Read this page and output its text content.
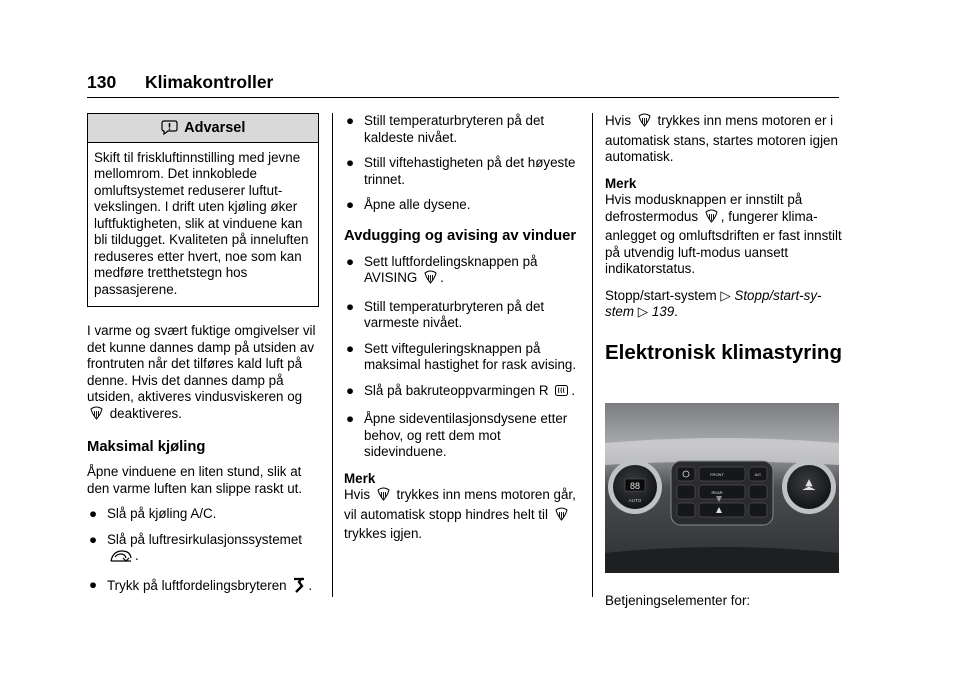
130 Klimakontroller
Advarsel
Skift til friskluftinnstilling med jevne mellomrom. Det innkoblede omluftsystemet reduserer luftutvekslingen. I drift uten kjøling øker luftfuktigheten, slik at vinduene kan bli tildugget. Kvaliteten på inneluften reduseres etter hvert, noe som kan medføre tretthetstegn hos passasjerene.

I varme og svært fuktige omgivelser vil det kunne dannes damp på utsiden av frontruten når det tilføres kald luft på denne. Hvis det dannes damp på utsiden, aktiveres vindusviskeren og  deaktiveres.

Maksimal kjøling

Åpne vinduene en liten stund, slik at den varme luften kan slippe raskt ut.

● Slå på kjøling A/C.
● Slå på luftresirkulasjonssystemet .
● Trykk på luftfordelingsbryteren .
● Still temperaturbryteren på det kaldeste nivået.
● Still viftehastigheten på det høyeste trinnet.
● Åpne alle dysene.
Avdugging og avising av vinduer
● Sett luftfordelingsknappen på AVISING .
● Still temperaturbryteren på det varmeste nivået.
● Sett vifteguleringsknappen på maksimal hastighet for rask avising.
● Slå på bakruteoppvarmingen R .
● Åpne sideventilasjonsdysene etter behov, og rett dem mot sidevinduene.
Merk

Hvis trykkes inn mens motoren går, vil automatisk stopp hindres helt til  trykkes igjen.

Hvis trykkes inn mens motoren er i automatisk stans, startes motoren igjen automatisk.

Merk

Hvis modusknappen er innstilt på defrostermodus , fungerer klimaanlegget og omluftsdriften er fast innstilt på utvendig luft-modus uansett indikatorstatus.

Stopp/start-system ▷ Stopp/start-system ▷ 139.

Elektronisk klimastyring
88
AUTO
FRONT	A/C
REAR

Betjeningselementer for:
